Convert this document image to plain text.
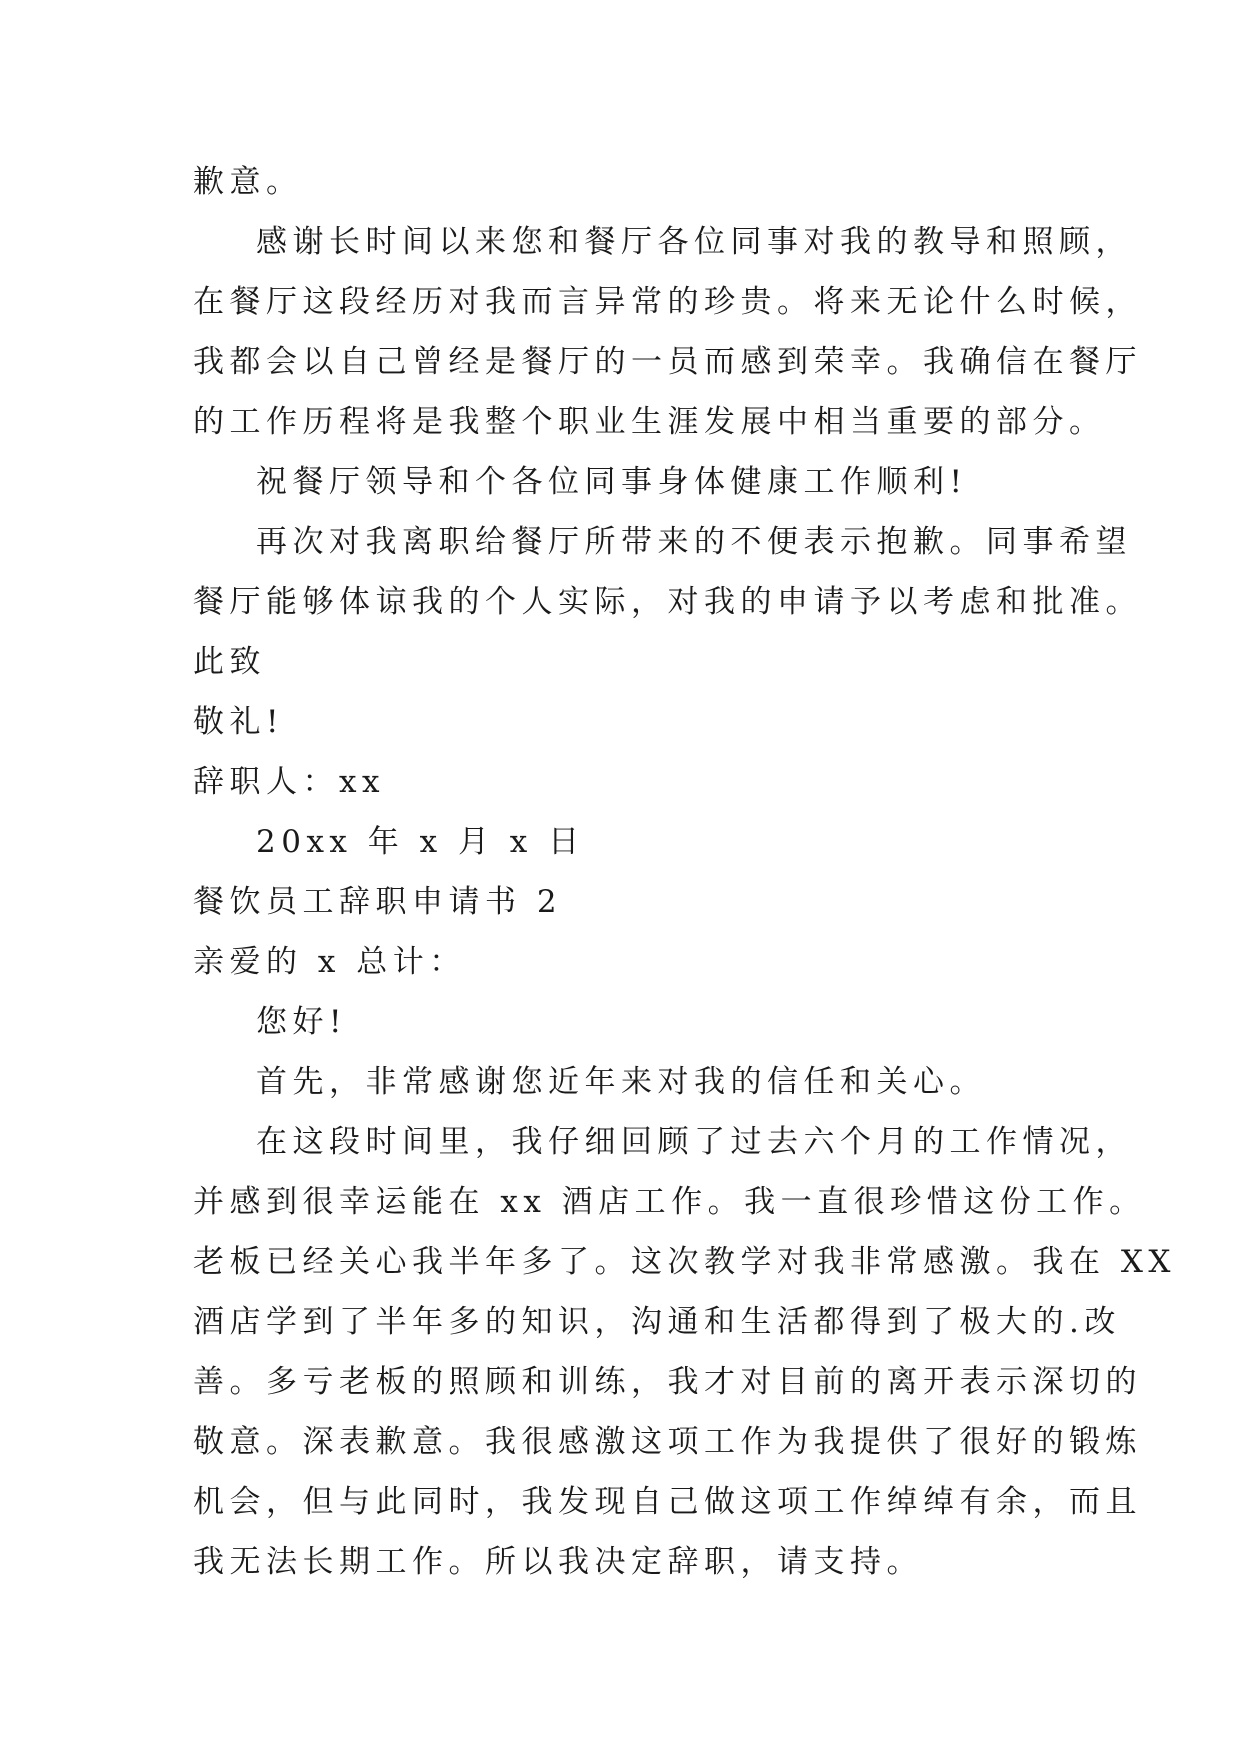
歉意。
感谢长时间以来您和餐厅各位同事对我的教导和照顾，
在餐厅这段经历对我而言异常的珍贵。将来无论什么时候，
我都会以自己曾经是餐厅的一员而感到荣幸。我确信在餐厅
的工作历程将是我整个职业生涯发展中相当重要的部分。
祝餐厅领导和个各位同事身体健康工作顺利!
再次对我离职给餐厅所带来的不便表示抱歉。同事希望
餐厅能够体谅我的个人实际，对我的申请予以考虑和批准。
此致
敬礼!
辞职人：xx
20xx 年 x 月 x 日
餐饮员工辞职申请书 2
亲爱的 x 总计：
您好!
首先，非常感谢您近年来对我的信任和关心。
在这段时间里，我仔细回顾了过去六个月的工作情况，
并感到很幸运能在 xx 酒店工作。我一直很珍惜这份工作。
老板已经关心我半年多了。这次教学对我非常感激。我在 XX
酒店学到了半年多的知识，沟通和生活都得到了极大的.改
善。多亏老板的照顾和训练，我才对目前的离开表示深切的
敬意。深表歉意。我很感激这项工作为我提供了很好的锻炼
机会，但与此同时，我发现自己做这项工作绰绰有余，而且
我无法长期工作。所以我决定辞职，请支持。
